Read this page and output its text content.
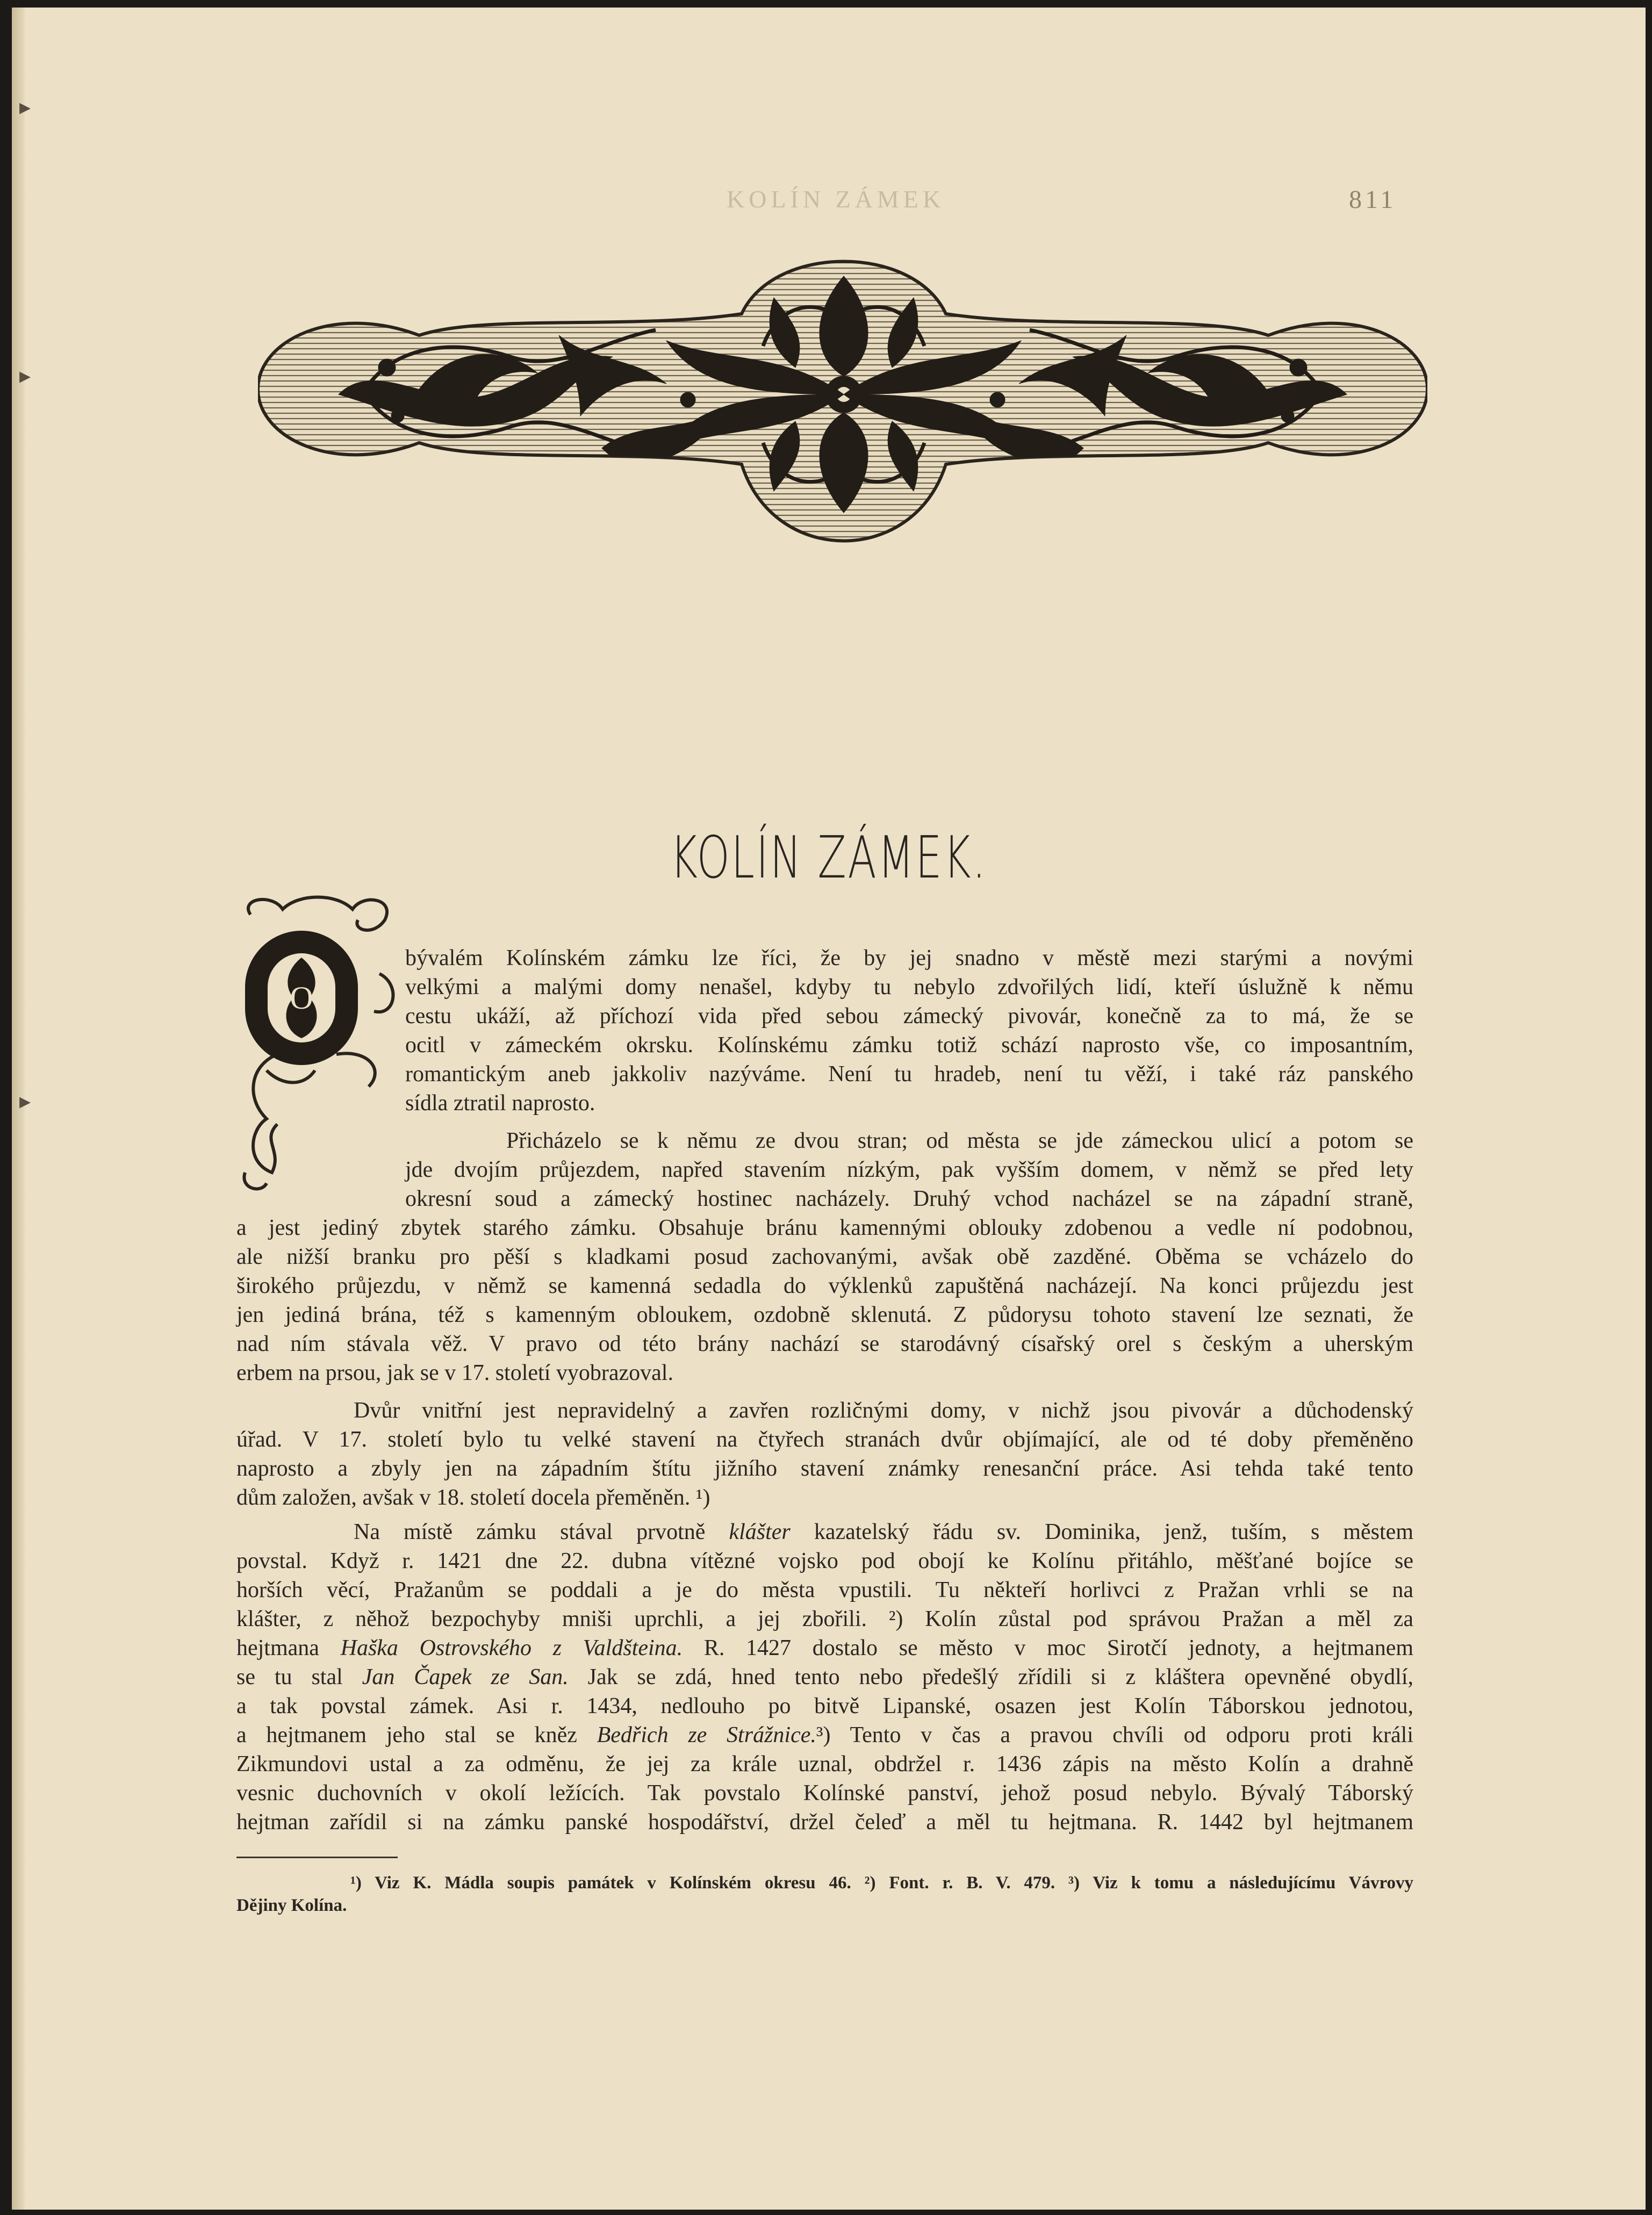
▸
▸
▸
KOLÍN ZÁMEK	811
KOLÍN ZÁMEK.
O
bývalém Kolínském zámku lze říci, že by jej snadno v městě mezi starými a novými
velkými a malými domy nenašel, kdyby tu nebylo zdvořilých lidí, kteří úslužně k němu
cestu ukáží, až příchozí vida před sebou zámecký pivovár, konečně za to má, že se
ocitl v zámeckém okrsku. Kolínskému zámku totiž schází naprosto vše, co imposantním,
romantickým aneb jakkoliv nazýváme. Není tu hradeb, není tu věží, i také ráz panského
sídla ztratil naprosto.
Přicházelo se k němu ze dvou stran; od města se jde zámeckou ulicí a potom se
jde dvojím průjezdem, napřed stavením nízkým, pak vyšším domem, v němž se před lety
okresní soud a zámecký hostinec nacházely. Druhý vchod nacházel se na západní straně,
a jest jediný zbytek starého zámku. Obsahuje bránu kamennými oblouky zdobenou a vedle ní podobnou,
ale nižší branku pro pěší s kladkami posud zachovanými, avšak obě zazděné. Oběma se vcházelo do
širokého průjezdu, v němž se kamenná sedadla do výklenků zapuštěná nacházejí. Na konci průjezdu jest
jen jediná brána, též s kamenným obloukem, ozdobně sklenutá. Z půdorysu tohoto stavení lze seznati, že
nad ním stávala věž. V pravo od této brány nachází se starodávný císařský orel s českým a uherským
erbem na prsou, jak se v 17. století vyobrazoval.
Dvůr vnitřní jest nepravidelný a zavřen rozličnými domy, v nichž jsou pivovár a důchodenský
úřad. V 17. století bylo tu velké stavení na čtyřech stranách dvůr objímající, ale od té doby přeměněno
naprosto a zbyly jen na západním štítu jižního stavení známky renesanční práce. Asi tehda také tento
dům založen, avšak v 18. století docela přeměněn. ¹)
Na místě zámku stával prvotně klášter kazatelský řádu sv. Dominika, jenž, tuším, s městem
povstal. Když r. 1421 dne 22. dubna vítězné vojsko pod obojí ke Kolínu přitáhlo, měšťané bojíce se
horších věcí, Pražanům se poddali a je do města vpustili. Tu někteří horlivci z Pražan vrhli se na
klášter, z něhož bezpochyby mniši uprchli, a jej zbořili. ²) Kolín zůstal pod správou Pražan a měl za
hejtmana Haška Ostrovského z Valdšteina. R. 1427 dostalo se město v moc Sirotčí jednoty, a hejtmanem
se tu stal Jan Čapek ze San. Jak se zdá, hned tento nebo předešlý zřídili si z kláštera opevněné obydlí,
a tak povstal zámek. Asi r. 1434, nedlouho po bitvě Lipanské, osazen jest Kolín Táborskou jednotou,
a hejtmanem jeho stal se kněz Bedřich ze Strážnice.³) Tento v čas a pravou chvíli od odporu proti králi
Zikmundovi ustal a za odměnu, že jej za krále uznal, obdržel r. 1436 zápis na město Kolín a drahně
vesnic duchovních v okolí ležících. Tak povstalo Kolínské panství, jehož posud nebylo. Bývalý Táborský
hejtman zařídil si na zámku panské hospodářství, držel čeleď a měl tu hejtmana. R. 1442 byl hejtmanem
¹) Viz K. Mádla soupis památek v Kolínském okresu 46. ²) Font. r. B. V. 479. ³) Viz k tomu a následujícímu Vávrovy
Dějiny Kolína.
